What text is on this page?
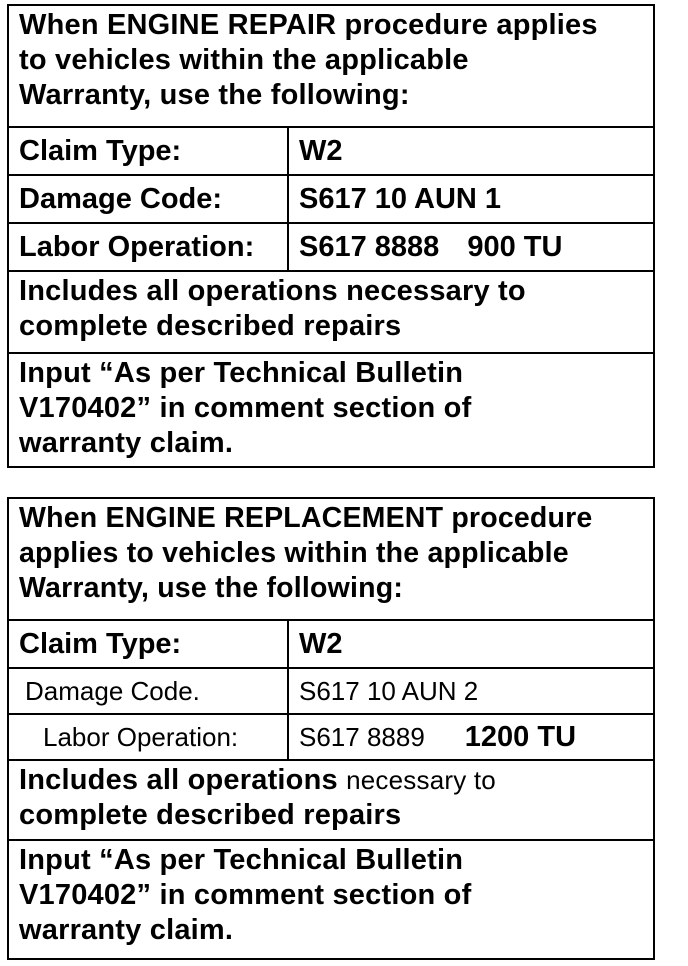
When ENGINE REPAIR procedure applies
to vehicles within the applicable
Warranty, use the following:
Claim Type:	W2
Damage Code:	S617 10 AUN 1
Labor Operation:	S617 8888 900 TU
Includes all operations necessary to
complete described repairs
Input “As per Technical Bulletin
V170402” in comment section of
warranty claim.
When ENGINE REPLACEMENT procedure
applies to vehicles within the applicable
Warranty, use the following:
Claim Type:	W2
Damage Code.	S617 10 AUN 2
Labor Operation:	S617 8889 1200 TU
Includes all operations necessary to
complete described repairs
Input “As per Technical Bulletin
V170402” in comment section of
warranty claim.
